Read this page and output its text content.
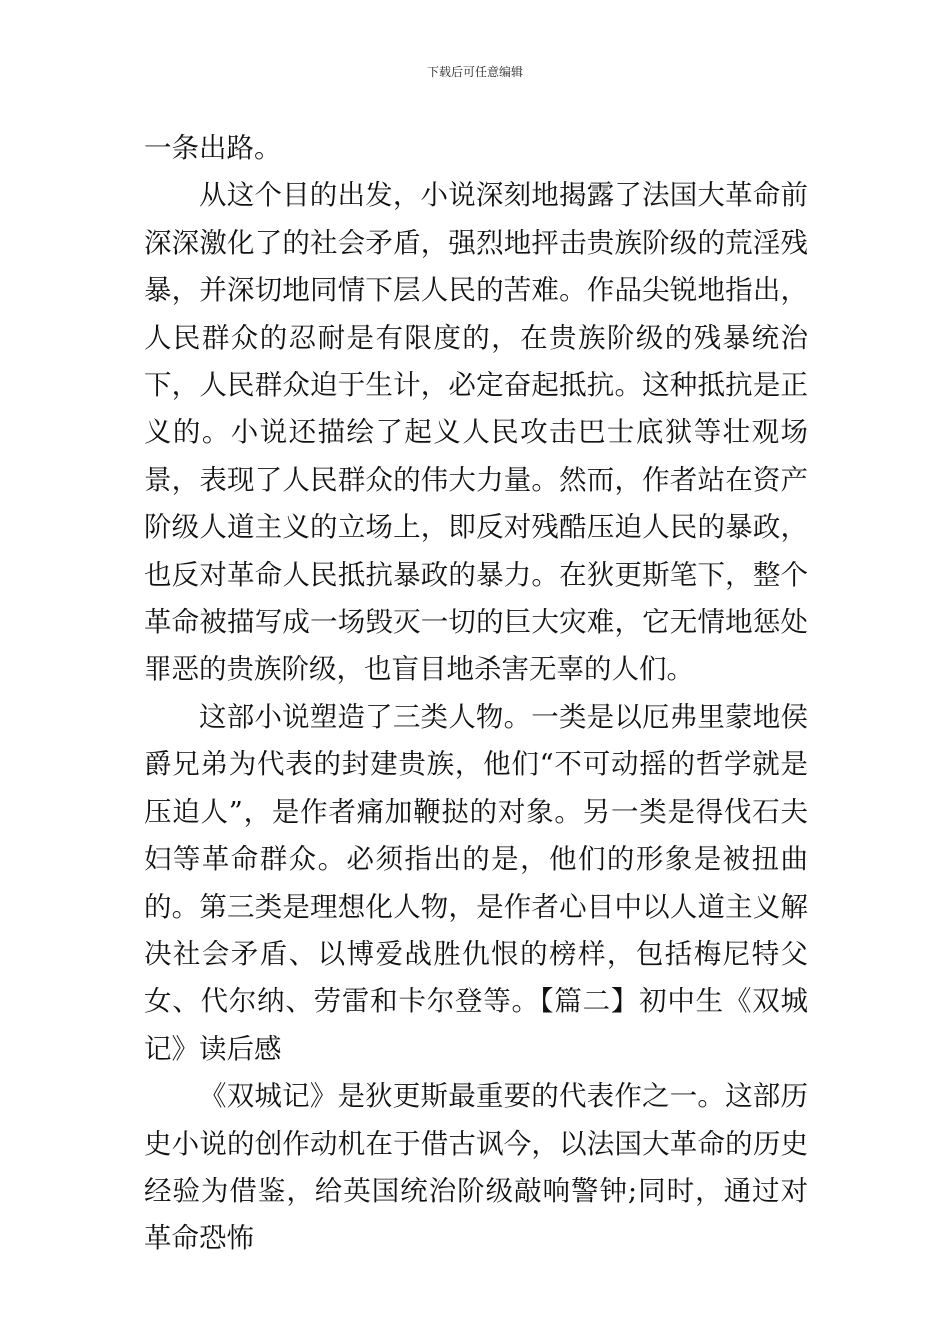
下载后可任意编辑

一条出路。

从这个目的出发，小说深刻地揭露了法国大革命前深深激化了的社会矛盾，强烈地抨击贵族阶级的荒淫残暴，并深切地同情下层人民的苦难。作品尖锐地指出，人民群众的忍耐是有限度的，在贵族阶级的残暴统治下，人民群众迫于生计，必定奋起抵抗。这种抵抗是正义的。小说还描绘了起义人民攻击巴士底狱等壮观场景，表现了人民群众的伟大力量。然而，作者站在资产阶级人道主义的立场上，即反对残酷压迫人民的暴政，也反对革命人民抵抗暴政的暴力。在狄更斯笔下，整个革命被描写成一场毁灭一切的巨大灾难，它无情地惩处罪恶的贵族阶级，也盲目地杀害无辜的人们。

这部小说塑造了三类人物。一类是以厄弗里蒙地侯爵兄弟为代表的封建贵族，他们“不可动摇的哲学就是压迫人”，是作者痛加鞭挞的对象。另一类是得伐石夫妇等革命群众。必须指出的是，他们的形象是被扭曲的。第三类是理想化人物，是作者心目中以人道主义解决社会矛盾、以博爱战胜仇恨的榜样，包括梅尼特父女、代尔纳、劳雷和卡尔登等。【篇二】初中生《双城记》读后感

《双城记》是狄更斯最重要的代表作之一。这部历史小说的创作动机在于借古讽今，以法国大革命的历史经验为借鉴，给英国统治阶级敲响警钟;同时，通过对革命恐怖
